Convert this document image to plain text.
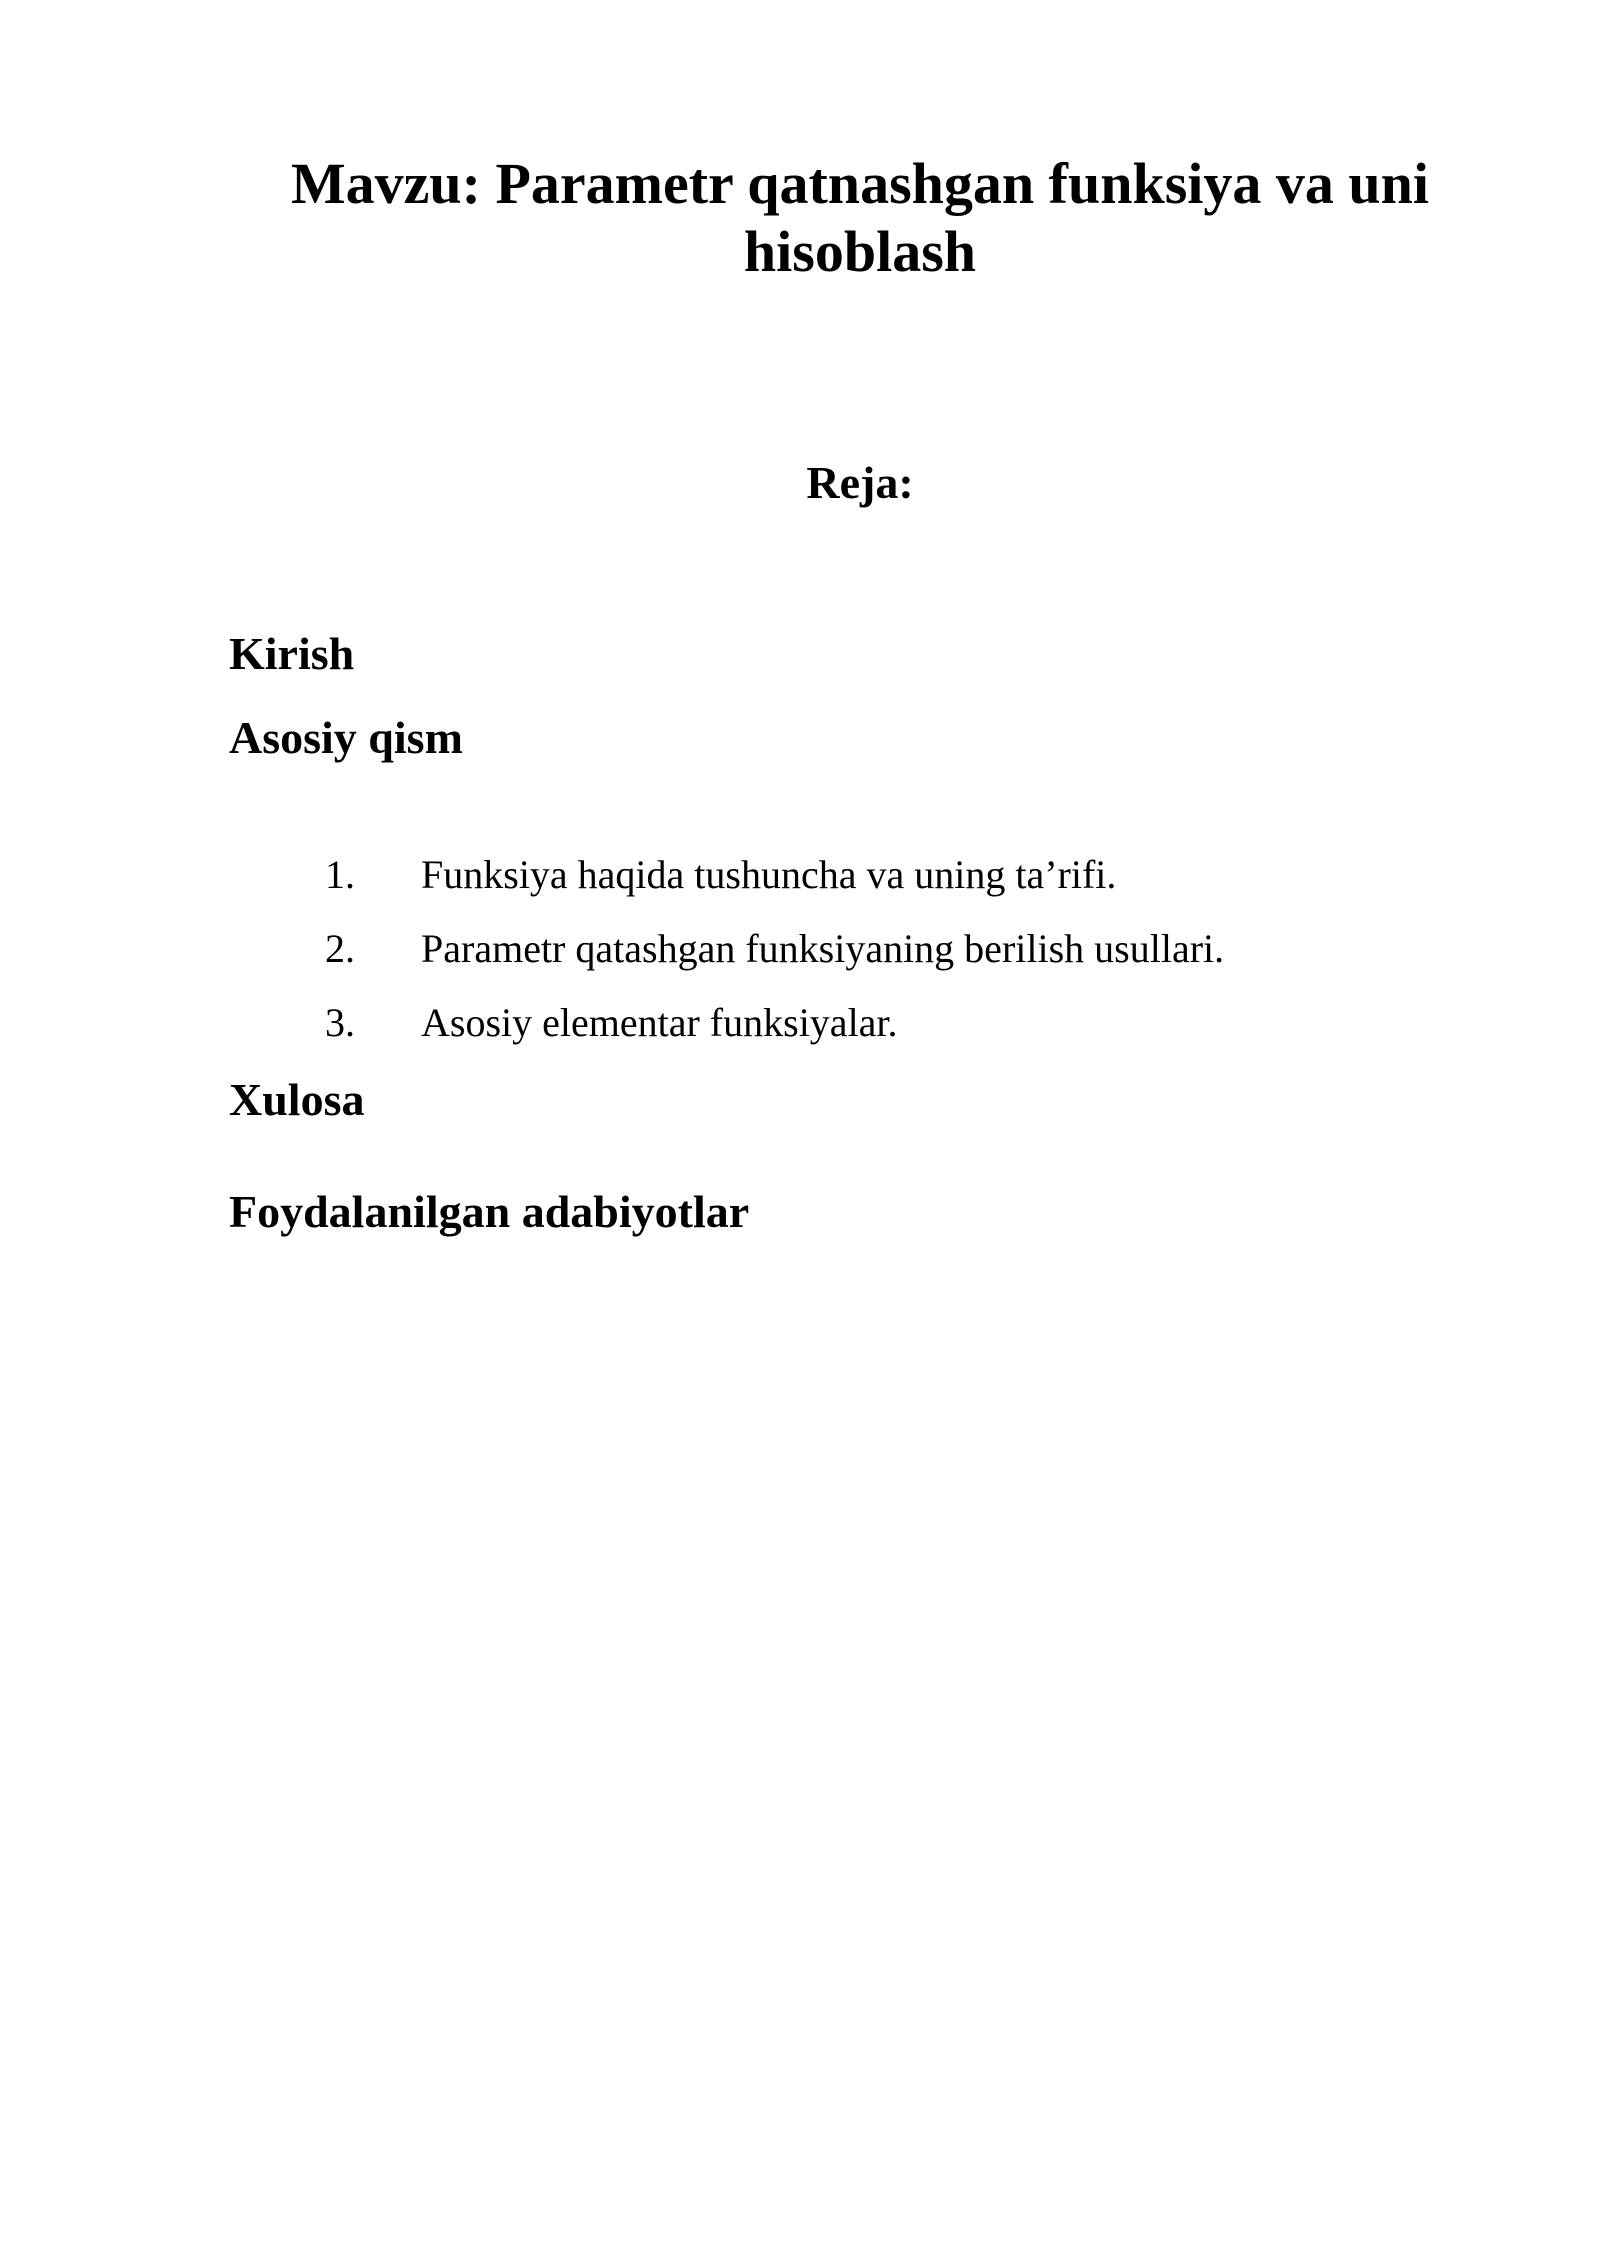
Mavzu: Parametr qatnashgan funksiya va uni hisoblash
Reja:
Kirish
Asosiy qism
1.	Funksiya haqida tushuncha va uning ta’rifi.
2.	Parametr qatashgan funksiyaning berilish usullari.
3.	Asosiy elementar funksiyalar.
Xulosa
Foydalanilgan adabiyotlar
